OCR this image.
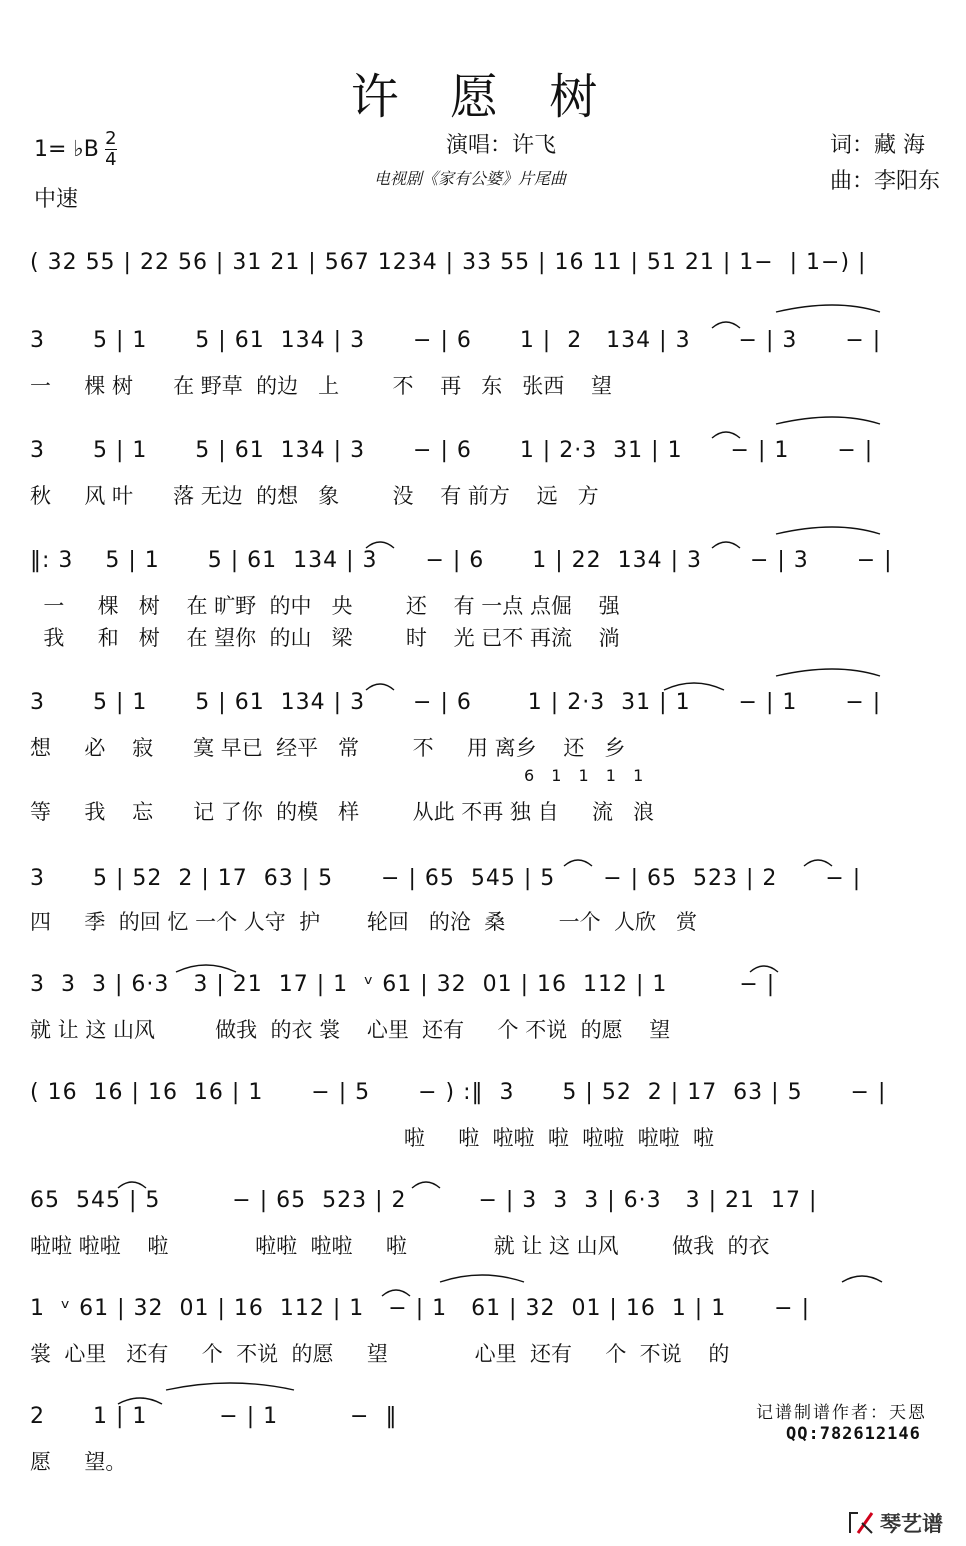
许 愿 树
1= ♭B 2
4
演唱：许飞	词：藏 海
曲：李阳东
电视剧《家有公婆》片尾曲
中速
( 32 55 | 22 56 | 31 21 | 567 1234 | 33 55 | 16 11 | 51 21 | 1−  | 1−) |
3      5 | 1      5 | 61  134 | 3      − | 6      1 |  2   134 | 3      − | 3      − |
3      5 | 1      5 | 61  134 | 3      − | 6      1 | 2·3  31 | 1      − | 1      − |
‖: 3    5 | 1      5 | 61  134 | 3      − | 6      1 | 22  134 | 3      − | 3      − |
3      5 | 1      5 | 61  134 | 3      − | 6       1 | 2·3  31 | 1      − | 1      − |
3      5 | 52  2 | 17  63 | 5      − | 65  545 | 5      − | 65  523 | 2      − |
3  3  3 | 6·3   3 | 21  17 | 1  ᵛ 61 | 32  01 | 16  112 | 1         − |
( 16  16 | 16  16 | 1      − | 5      − ) :‖  3      5 | 52  2 | 17  63 | 5      − |
65  545 | 5         − | 65  523 | 2         − | 3  3  3 | 6·3   3 | 21  17 |
1  ᵛ 61 | 32  01 | 16  112 | 1   − | 1   61 | 32  01 | 16  1 | 1      − |
2      1 | 1         − | 1         −  ‖
一     棵 树      在 野草  的边   上        不    再   东   张西    望
秋     风 叶      落 无边  的想   象        没    有 前方    远   方
一     棵   树    在 旷野  的中   央        还    有 一点 点倔    强
我     和   树    在 望你  的山   梁        时    光 已不 再流    淌
想     必    寂      寞 早已  经平   常        不     用 离乡    还   乡
等     我    忘      记 了你  的模   样        从此 不再 独 自     流   浪
四     季  的回 忆 一个 人守  护       轮回   的沧  桑        一个  人欣   赏
就 让 这 山风         做我  的衣 裳    心里  还有     个 不说  的愿    望
啦     啦  啦啦  啦  啦啦  啦啦  啦
啦啦 啦啦    啦             啦啦  啦啦     啦             就 让 这 山风        做我  的衣
裳  心里   还有     个  不说  的愿     望             心里  还有     个  不说    的
愿     望。
6 1 1 1 1
记谱制谱作者：天恩
QQ:782612146
琴艺谱
